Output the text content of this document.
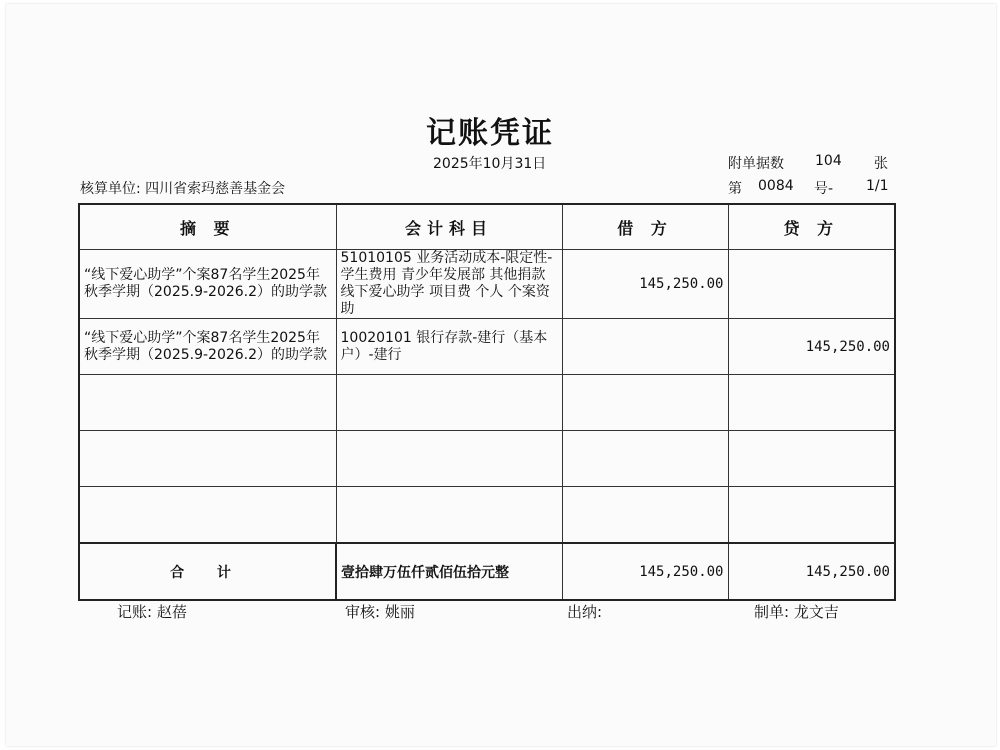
记账凭证
2025年10月31日	附单据数 104 张
核算单位: 四川省索玛慈善基金会	第 0084 号- 1/1
摘 要	会计科目	借 方	贷 方
“线下爱心助学”个案87名学生2025年秋季学期（2025.9-2026.2）的助学款	51010105 业务活动成本-限定性-学生费用 青少年发展部 其他捐款 线下爱心助学 项目费 个人 个案资助	145,250.00	
“线下爱心助学”个案87名学生2025年秋季学期（2025.9-2026.2）的助学款	10020101 银行存款-建行（基本户）-建行		145,250.00

合 计	壹拾肆万伍仟贰佰伍拾元整	145,250.00	145,250.00
记账: 赵蓓	审核: 姚丽	出纳:	制单: 龙文吉
